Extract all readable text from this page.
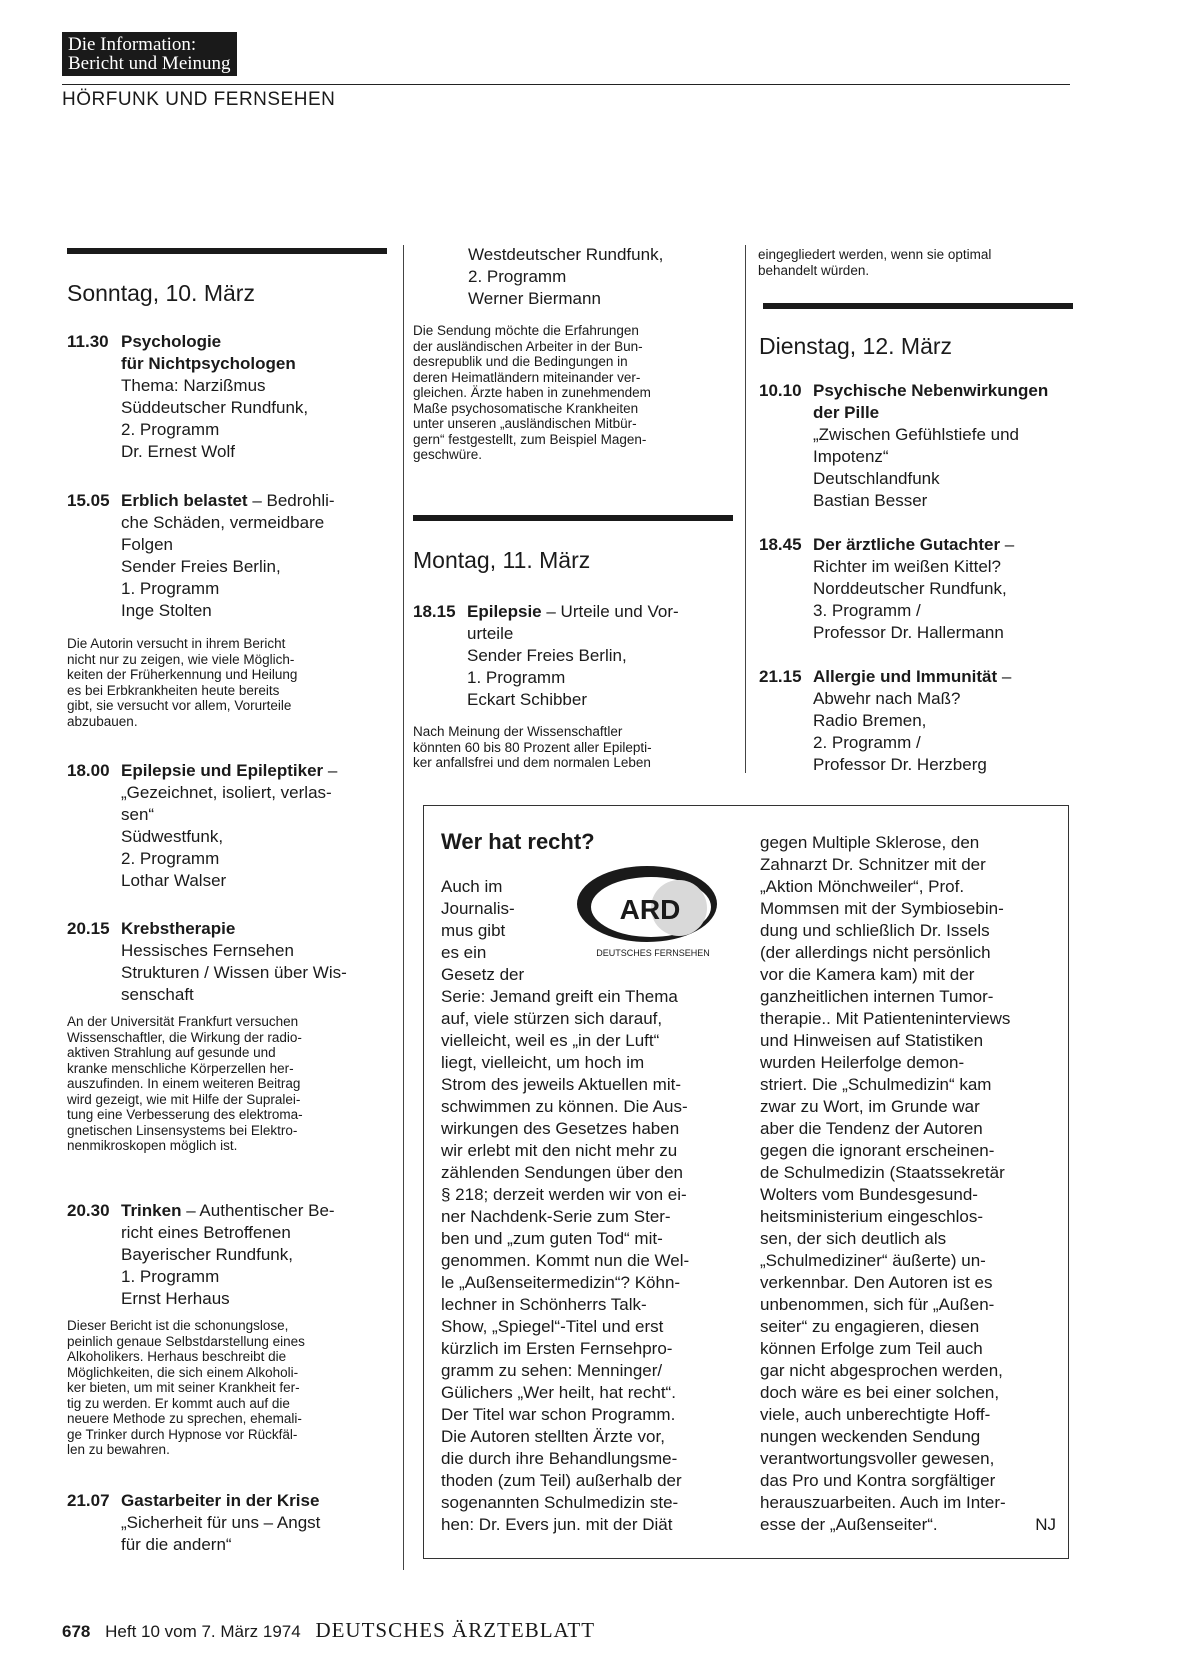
Die Information:
Bericht und Meinung
HÖRFUNK UND FERNSEHEN
Sonntag, 10. März
11.30 Psychologie
für Nichtpsychologen
Thema: Narzißmus
Süddeutscher Rundfunk,
2. Programm
Dr. Ernest Wolf
15.05 Erblich belastet – Bedrohli-
che Schäden, vermeidbare
Folgen
Sender Freies Berlin,
1. Programm
Inge Stolten
Die Autorin versucht in ihrem Bericht
nicht nur zu zeigen, wie viele Möglich-
keiten der Früherkennung und Heilung
es bei Erbkrankheiten heute bereits
gibt, sie versucht vor allem, Vorurteile
abzubauen.
18.00 Epilepsie und Epileptiker –
„Gezeichnet, isoliert, verlas-
sen“
Südwestfunk,
2. Programm
Lothar Walser
20.15 Krebstherapie
Hessisches Fernsehen
Strukturen / Wissen über Wis-
senschaft
An der Universität Frankfurt versuchen
Wissenschaftler, die Wirkung der radio-
aktiven Strahlung auf gesunde und
kranke menschliche Körperzellen her-
auszufinden. In einem weiteren Beitrag
wird gezeigt, wie mit Hilfe der Supralei-
tung eine Verbesserung des elektroma-
gnetischen Linsensystems bei Elektro-
nenmikroskopen möglich ist.
20.30 Trinken – Authentischer Be-
richt eines Betroffenen
Bayerischer Rundfunk,
1. Programm
Ernst Herhaus
Dieser Bericht ist die schonungslose,
peinlich genaue Selbstdarstellung eines
Alkoholikers. Herhaus beschreibt die
Möglichkeiten, die sich einem Alkoholi-
ker bieten, um mit seiner Krankheit fer-
tig zu werden. Er kommt auch auf die
neuere Methode zu sprechen, ehemali-
ge Trinker durch Hypnose vor Rückfäl-
len zu bewahren.
21.07 Gastarbeiter in der Krise
„Sicherheit für uns – Angst
für die andern“
Westdeutscher Rundfunk,
2. Programm
Werner Biermann
Die Sendung möchte die Erfahrungen
der ausländischen Arbeiter in der Bun-
desrepublik und die Bedingungen in
deren Heimatländern miteinander ver-
gleichen. Ärzte haben in zunehmendem
Maße psychosomatische Krankheiten
unter unseren „ausländischen Mitbür-
gern“ festgestellt, zum Beispiel Magen-
geschwüre.
Montag, 11. März
18.15 Epilepsie – Urteile und Vor-
urteile
Sender Freies Berlin,
1. Programm
Eckart Schibber
Nach Meinung der Wissenschaftler
könnten 60 bis 80 Prozent aller Epilepti-
ker anfallsfrei und dem normalen Leben
eingegliedert werden, wenn sie optimal
behandelt würden.
Dienstag, 12. März
10.10 Psychische Nebenwirkungen
der Pille
„Zwischen Gefühlstiefe und
Impotenz“
Deutschlandfunk
Bastian Besser
18.45 Der ärztliche Gutachter –
Richter im weißen Kittel?
Norddeutscher Rundfunk,
3. Programm /
Professor Dr. Hallermann
21.15 Allergie und Immunität –
Abwehr nach Maß?
Radio Bremen,
2. Programm /
Professor Dr. Herzberg
Wer hat recht?
ARD
DEUTSCHES FERNSEHEN
Auch im
Journalis-
mus gibt
es ein
Gesetz der
Serie: Jemand greift ein Thema
auf, viele stürzen sich darauf,
vielleicht, weil es „in der Luft“
liegt, vielleicht, um hoch im
Strom des jeweils Aktuellen mit-
schwimmen zu können. Die Aus-
wirkungen des Gesetzes haben
wir erlebt mit den nicht mehr zu
zählenden Sendungen über den
§ 218; derzeit werden wir von ei-
ner Nachdenk-Serie zum Ster-
ben und „zum guten Tod“ mit-
genommen. Kommt nun die Wel-
le „Außenseitermedizin“? Köhn-
lechner in Schönherrs Talk-
Show, „Spiegel“-Titel und erst
kürzlich im Ersten Fernsehpro-
gramm zu sehen: Menninger/
Gülichers „Wer heilt, hat recht“.
Der Titel war schon Programm.
Die Autoren stellten Ärzte vor,
die durch ihre Behandlungsme-
thoden (zum Teil) außerhalb der
sogenannten Schulmedizin ste-
hen: Dr. Evers jun. mit der Diät
gegen Multiple Sklerose, den
Zahnarzt Dr. Schnitzer mit der
„Aktion Mönchweiler“, Prof.
Mommsen mit der Symbiosebin-
dung und schließlich Dr. Issels
(der allerdings nicht persönlich
vor die Kamera kam) mit der
ganzheitlichen internen Tumor-
therapie.. Mit Patienteninterviews
und Hinweisen auf Statistiken
wurden Heilerfolge demon-
striert. Die „Schulmedizin“ kam
zwar zu Wort, im Grunde war
aber die Tendenz der Autoren
gegen die ignorant erscheinen-
de Schulmedizin (Staatssekretär
Wolters vom Bundesgesund-
heitsministerium eingeschlos-
sen, der sich deutlich als
„Schulmediziner“ äußerte) un-
verkennbar. Den Autoren ist es
unbenommen, sich für „Außen-
seiter“ zu engagieren, diesen
können Erfolge zum Teil auch
gar nicht abgesprochen werden,
doch wäre es bei einer solchen,
viele, auch unberechtigte Hoff-
nungen weckenden Sendung
verantwortungsvoller gewesen,
das Pro und Kontra sorgfältiger
herauszuarbeiten. Auch im Inter-
esse der „Außenseiter“.	NJ
678 Heft 10 vom 7. März 1974 DEUTSCHES ÄRZTEBLATT
